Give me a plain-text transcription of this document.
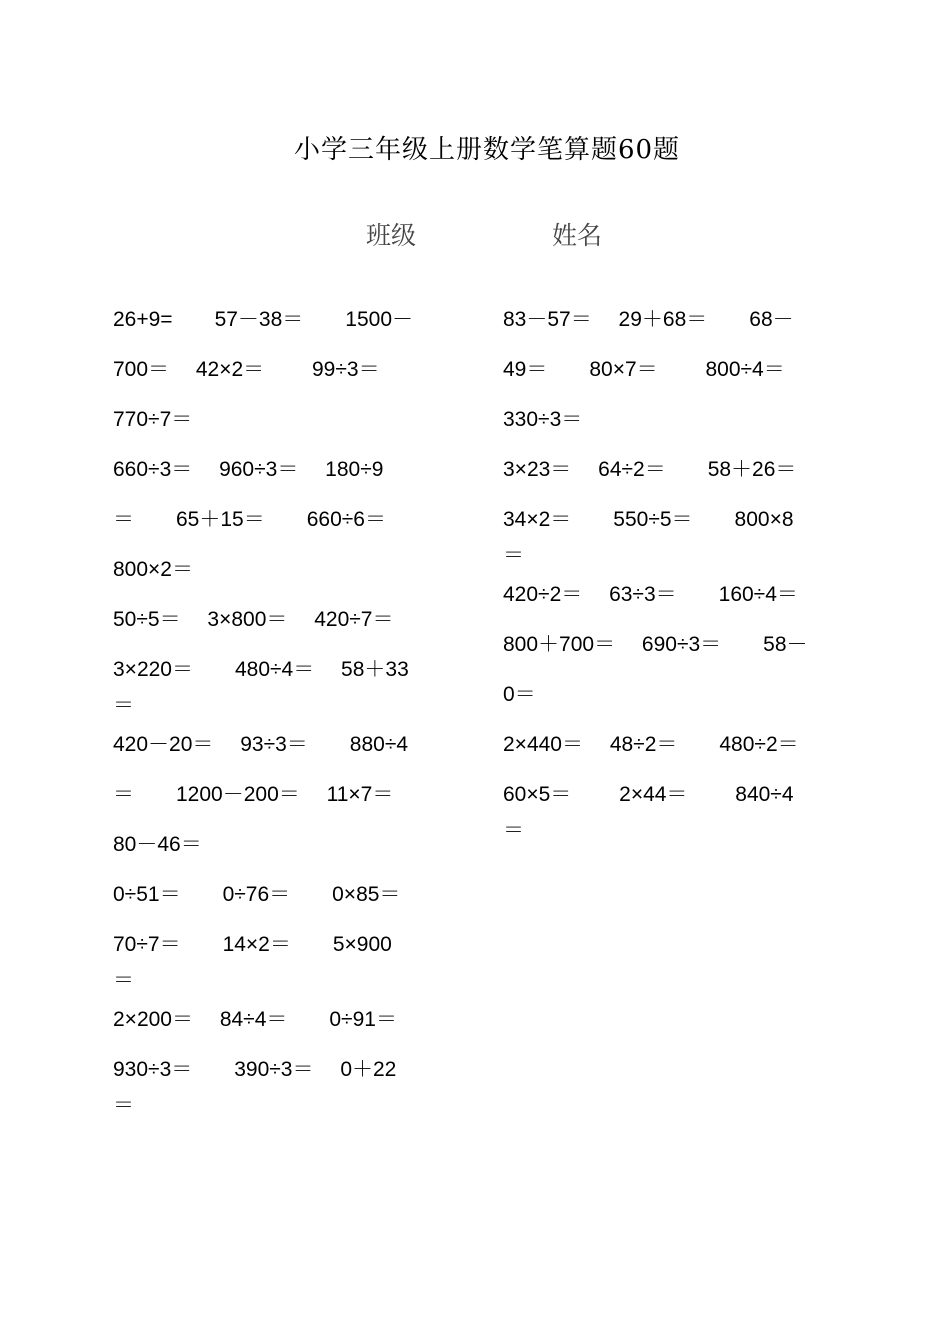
小学三年级上册数学笔算题60题
班级	姓名
26+9=　　57－38＝　　1500－
700＝　 42×2＝　　 99÷3＝
770÷7＝
660÷3＝　 960÷3＝　 180÷9
＝　　65＋15＝　　660÷6＝
800×2＝
50÷5＝　 3×800＝　 420÷7＝
3×220＝　　480÷4＝　 58＋33
＝
420－20＝　 93÷3＝　　880÷4
＝　　1200－200＝　 11×7＝
80－46＝
0÷51＝　　0÷76＝　　0×85＝
70÷7＝　　14×2＝　　5×900
＝
2×200＝　 84÷4＝　　0÷91＝
930÷3＝　　390÷3＝　 0＋22
＝
83－57＝　 29＋68＝　　68－
49＝　　80×7＝　　 800÷4＝
330÷3＝
3×23＝　 64÷2＝　　58＋26＝
34×2＝　　550÷5＝　　800×8
＝
420÷2＝　 63÷3＝　　160÷4＝
800＋700＝　 690÷3＝　　58－
0＝
2×440＝　 48÷2＝　　480÷2＝
60×5＝　　 2×44＝　　 840÷4
＝
